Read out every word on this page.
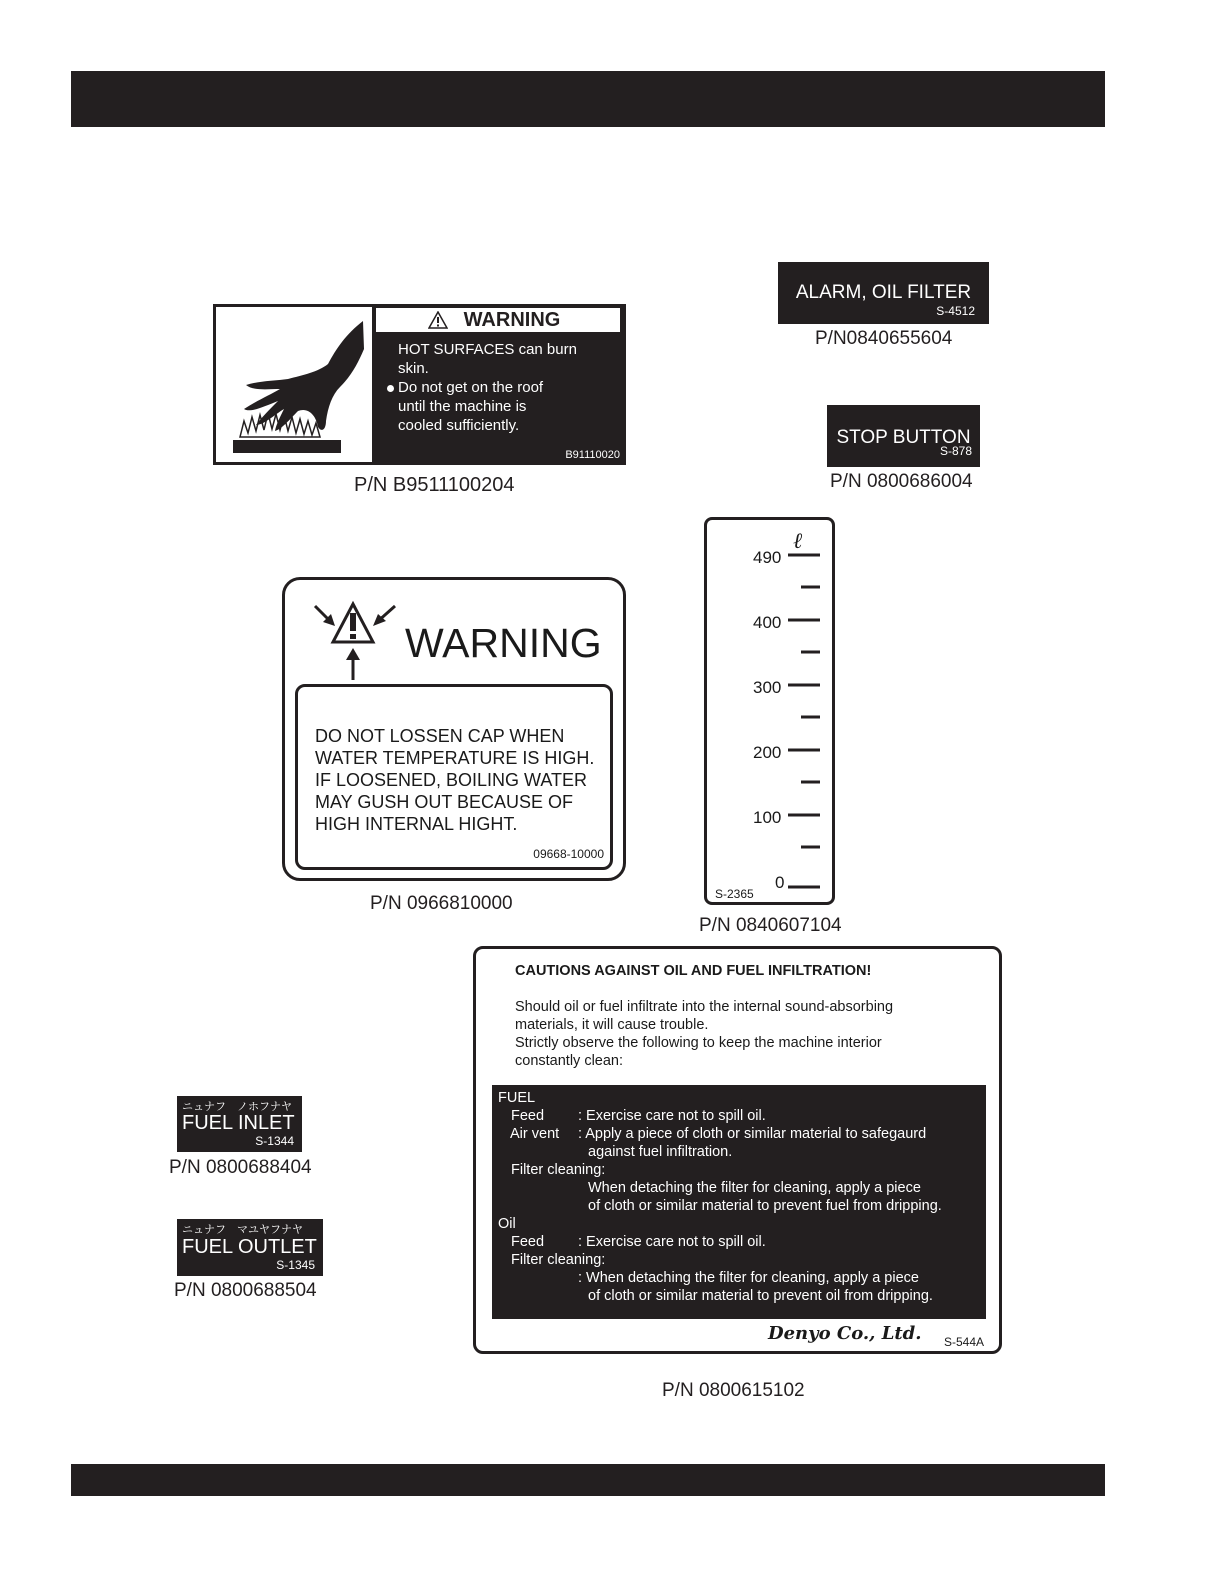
WARNING

HOT SURFACES can burn

skin.

Do not get on the roof

until the machine is

cooled sufficiently.

B91110020
P/N B9511100204
ALARM, OIL FILTER
S-4512
P/N0840655604
STOP BUTTON
S-878
P/N 0800686004
WARNING
DO NOT LOSSEN CAP WHEN
WATER TEMPERATURE IS HIGH.
IF LOOSENED, BOILING WATER
MAY GUSH OUT BECAUSE OF
HIGH INTERNAL HIGHT.
09668-10000
P/N 0966810000
ℓ
490
400
300
200
100
0
S-2365
P/N 0840607104
ニュナフ　ノホフナヤ
FUEL INLET
S-1344
P/N 0800688404
ニュナフ　マユヤフナヤ
FUEL OUTLET
S-1345
P/N 0800688504
CAUTIONS AGAINST OIL AND FUEL INFILTRATION!

Should oil or fuel infiltrate into the internal sound-absorbing

materials, it will cause trouble.

Strictly observe the following to keep the machine interior

constantly clean:

FUEL
Feed : Exercise care not to spill oil.
Air vent : Apply a piece of cloth or similar material to safegaurd
against fuel infiltration.
Filter cleaning:
When detaching the filter for cleaning, apply a piece
of cloth or similar material to prevent fuel from dripping.
Oil
Feed : Exercise care not to spill oil.
Filter cleaning:
: When detaching the filter for cleaning, apply a piece
of cloth or similar material to prevent oil from dripping.
Denyo Co., Ltd. S-544A
P/N 0800615102
